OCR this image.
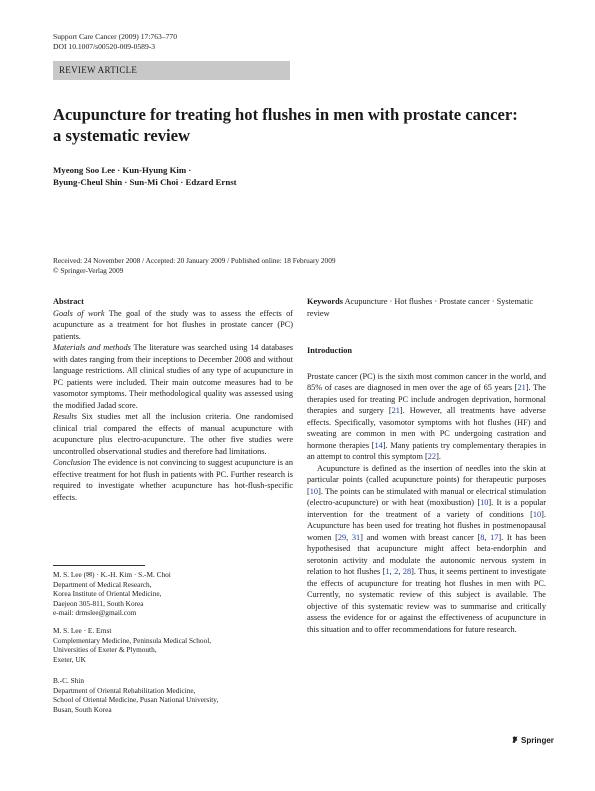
Support Care Cancer (2009) 17:763–770
DOI 10.1007/s00520-009-0589-3
REVIEW ARTICLE
Acupuncture for treating hot flushes in men with prostate cancer: a systematic review
Myeong Soo Lee · Kun-Hyung Kim ·
Byung-Cheul Shin · Sun-Mi Choi · Edzard Ernst
Received: 24 November 2008 / Accepted: 20 January 2009 / Published online: 18 February 2009
© Springer-Verlag 2009

Abstract

Goals of work The goal of the study was to assess the effects of acupuncture as a treatment for hot flushes in prostate cancer (PC) patients.

Materials and methods The literature was searched using 14 databases with dates ranging from their inceptions to December 2008 and without language restrictions. All clinical studies of any type of acupuncture in PC patients were included. Their main outcome measures had to be vasomotor symptoms. Their methodological quality was assessed using the modified Jadad score.

Results Six studies met all the inclusion criteria. One randomised clinical trial compared the effects of manual acupuncture with acupuncture plus electro-acupuncture. The other five studies were uncontrolled observational studies and therefore had limitations.

Conclusion The evidence is not convincing to suggest acupuncture is an effective treatment for hot flush in patients with PC. Further research is required to investigate whether acupuncture has hot-flush-specific effects.

M. S. Lee (✉) · K.-H. Kim · S.-M. Choi
Department of Medical Research,
Korea Institute of Oriental Medicine,
Daejeon 305-811, South Korea
e-mail: drmslee@gmail.com
M. S. Lee · E. Ernst
Complementary Medicine, Peninsula Medical School,
Universities of Exeter & Plymouth,
Exeter, UK
B.-C. Shin
Department of Oriental Rehabilitation Medicine,
School of Oriental Medicine, Pusan National University,
Busan, South Korea

Keywords Acupuncture · Hot flushes · Prostate cancer · Systematic review

Introduction

Prostate cancer (PC) is the sixth most common cancer in the world, and 85% of cases are diagnosed in men over the age of 65 years [21]. The therapies used for treating PC include androgen deprivation, hormonal therapies and surgery [21]. However, all treatments have adverse effects. Specifically, vasomotor symptoms with hot flushes (HF) and sweating are common in men with PC undergoing castration and hormone therapies [14]. Many patients try complementary therapies in an attempt to control this symptom [22].

Acupuncture is defined as the insertion of needles into the skin at particular points (called acupuncture points) for therapeutic purposes [10]. The points can be stimulated with manual or electrical stimulation (electro-acupuncture) or with heat (moxibustion) [10]. It is a popular intervention for the treatment of a variety of conditions [10]. Acupuncture has been used for treating hot flushes in postmenopausal women [29, 31] and women with breast cancer [8, 17]. It has been hypothesised that acupuncture might affect beta-endorphin and serotonin activity and modulate the autonomic nervous system in relation to hot flushes [1, 2, 28]. Thus, it seems pertinent to investigate the effects of acupuncture for treating hot flushes in men with PC. Currently, no systematic review of this subject is available. The objective of this systematic review was to summarise and critically assess the evidence for or against the effectiveness of acupuncture in this situation and to offer recommendations for future research.

Springer
